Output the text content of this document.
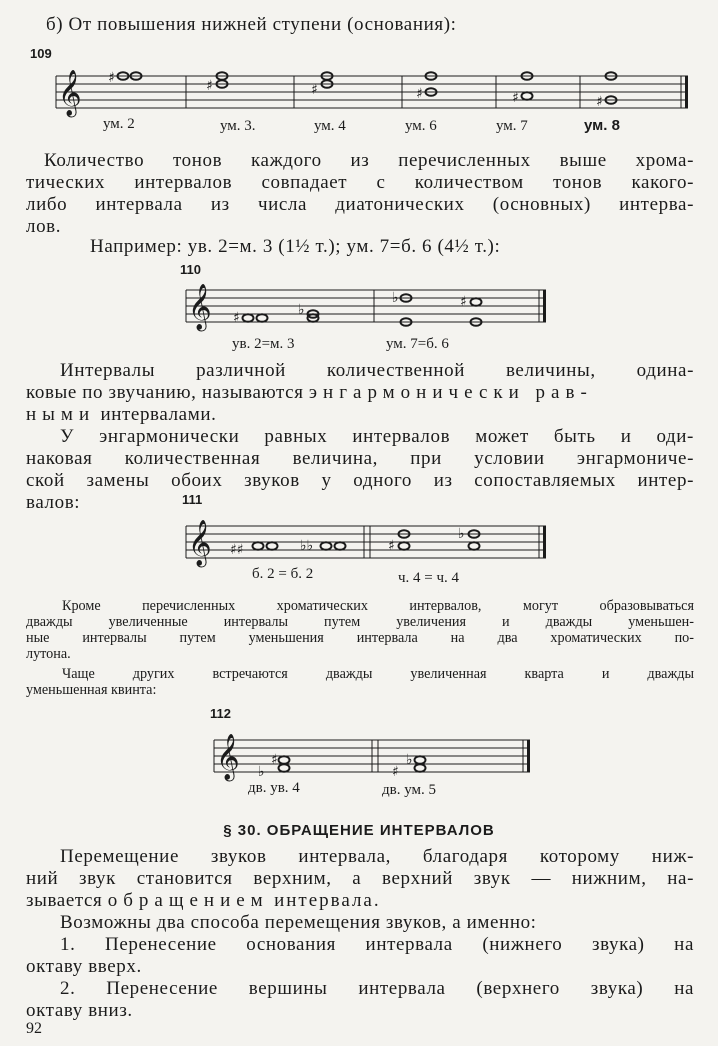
б) От повышения нижней ступени (основания):
109
𝄞 ♯	♯	♯	♯	♯	♯
ум. 2	ум. 3.	ум. 4	ум. 6	ум. 7	ум. 8
Количество тонов каждого из перечисленных выше хрома-
тических интервалов совпадает с количеством тонов какого-
либо интервала из числа диатонических (основных) интерва-
лов.
Например: ув. 2=м. 3 (1½ т.); ум. 7=б. 6 (4½ т.):
110
𝄞 ♯	♭
♭	♯
ув. 2=м. 3	ум. 7=б. 6
Интервалы различной количественной величины, одина-
ковые по звучанию, называются энгармонически рав-
ными интервалами.
У энгармонически равных интервалов может быть и оди-
наковая количественная величина, при условии энгармониче-
ской замены обоих звуков у одного из сопоставляемых интер-
валов:	111
𝄞 ♯♯	♭♭	♯
♭
б. 2 = б. 2	ч. 4 = ч. 4
Кроме перечисленных хроматических интервалов, могут образовываться
дважды увеличенные интервалы путем увеличения и дважды уменьшен-
ные интервалы путем уменьшения интервала на два хроматических по-
лутона.
Чаще других встречаются дважды увеличенная кварта и дважды
уменьшенная квинта:
112
𝄞 ♭
♯
♯
♭
дв. ув. 4	дв. ум. 5
§ 30. ОБРАЩЕНИЕ ИНТЕРВАЛОВ
Перемещение звуков интервала, благодаря которому ниж-
ний звук становится верхним, а верхний звук — нижним, на-
зывается обращением интервала.
Возможны два способа перемещения звуков, а именно:
1. Перенесение основания интервала (нижнего звука) на
октаву вверх.
2. Перенесение вершины интервала (верхнего звука) на
октаву вниз.
92
